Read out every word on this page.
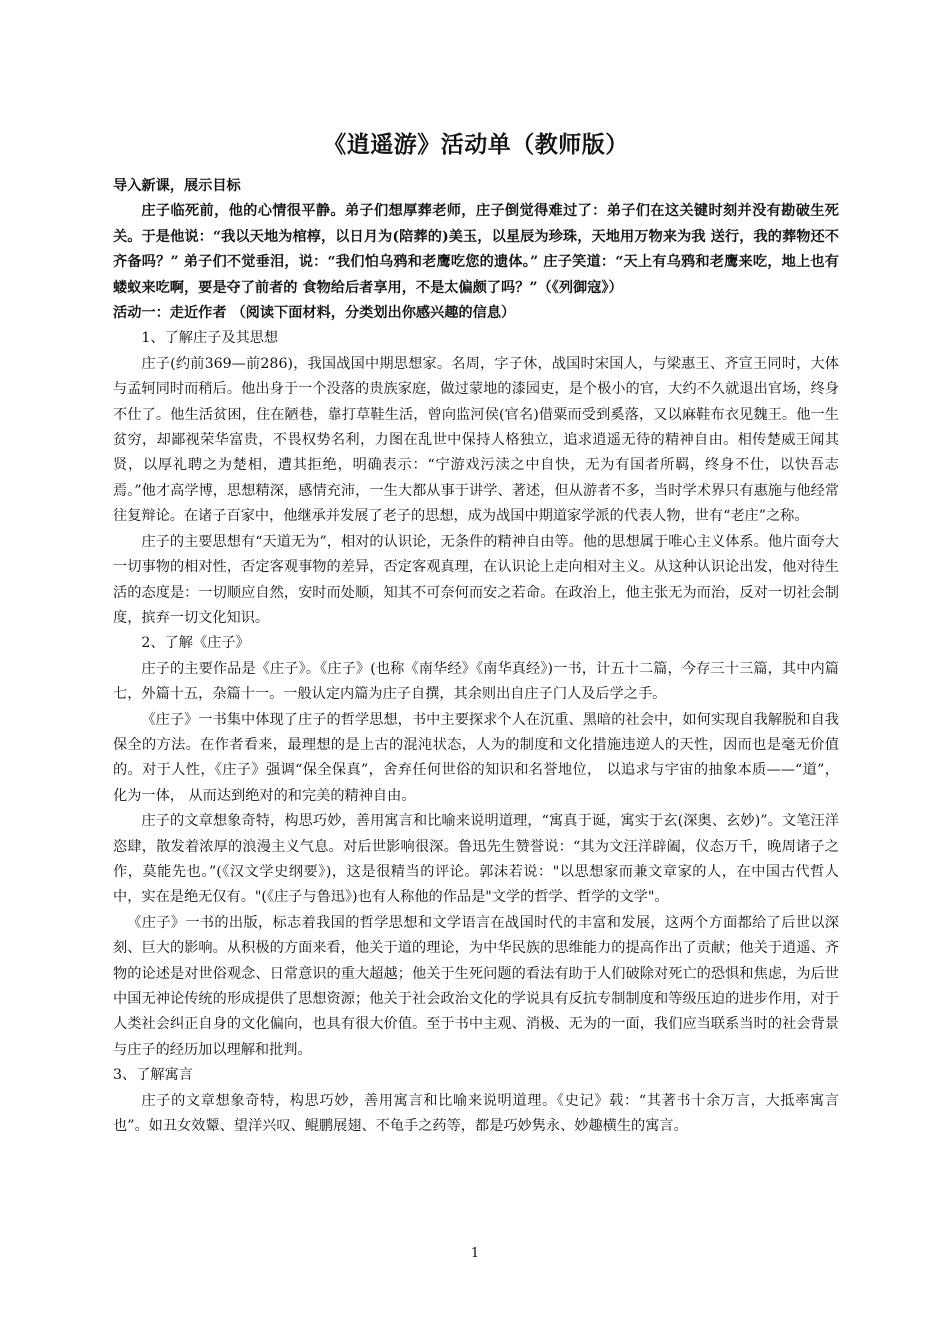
《逍遥游》活动单（教师版）

导入新课，展示目标

庄子临死前，他的心情很平静。弟子们想厚葬老师，庄子倒觉得难过了：弟子们在这关键时刻并没有勘破生死关。于是他说：“我以天地为棺椁，以日月为(陪葬的)美玉，以星辰为珍珠，天地用万物来为我 送行，我的葬物还不齐备吗？” 弟子们不觉垂泪，说：“我们怕乌鸦和老鹰吃您的遗体。” 庄子笑道：“天上有乌鸦和老鹰来吃，地上也有蝼蚁来吃啊，要是夺了前者的 食物给后者享用，不是太偏颇了吗？”（《列御寇》）

活动一：走近作者 （阅读下面材料，分类划出你感兴趣的信息）

1、了解庄子及其思想

庄子(约前369—前286)，我国战国中期思想家。名周，字子休，战国时宋国人，与梁惠王、齐宣王同时，大体与孟轲同时而稍后。他出身于一个没落的贵族家庭，做过蒙地的漆园吏，是个极小的官，大约不久就退出官场，终身不仕了。他生活贫困，住在陋巷，靠打草鞋生活，曾向监河侯(官名)借粟而受到奚落，又以麻鞋布衣见魏王。他一生贫穷，却鄙视荣华富贵，不畏权势名利，力图在乱世中保持人格独立，追求逍遥无待的精神自由。相传楚威王闻其贤，以厚礼聘之为楚相，遭其拒绝，明确表示：“宁游戏污渎之中自快，无为有国者所羁，终身不仕，以快吾志焉。”他才高学博，思想精深，感情充沛，一生大都从事于讲学、著述，但从游者不多，当时学术界只有惠施与他经常往复辩论。在诸子百家中，他继承并发展了老子的思想，成为战国中期道家学派的代表人物，世有“老庄”之称。

庄子的主要思想有“天道无为”，相对的认识论，无条件的精神自由等。他的思想属于唯心主义体系。他片面夸大一切事物的相对性，否定客观事物的差异，否定客观真理，在认识论上走向相对主义。从这种认识论出发，他对待生活的态度是：一切顺应自然，安时而处顺，知其不可奈何而安之若命。在政治上，他主张无为而治，反对一切社会制度，摈弃一切文化知识。

2、了解《庄子》

庄子的主要作品是《庄子》。《庄子》(也称《南华经》《南华真经》)一书，计五十二篇，今存三十三篇，其中内篇七，外篇十五，杂篇十一。一般认定内篇为庄子自撰，其余则出自庄子门人及后学之手。

《庄子》一书集中体现了庄子的哲学思想，书中主要探求个人在沉重、黑暗的社会中，如何实现自我解脱和自我保全的方法。在作者看来，最理想的是上古的混沌状态，人为的制度和文化措施违逆人的天性，因而也是毫无价值的。对于人性，《庄子》强调“保全保真”，舍弃任何世俗的知识和名誉地位， 以追求与宇宙的抽象本质——“道”， 化为一体， 从而达到绝对的和完美的精神自由。

庄子的文章想象奇特，构思巧妙，善用寓言和比喻来说明道理，“寓真于诞，寓实于玄(深奥、玄妙)”。文笔汪洋恣肆，散发着浓厚的浪漫主义气息。对后世影响很深。鲁迅先生赞誉说：“其为文汪洋辟阖，仪态万千，晚周诸子之作，莫能先也。”(《汉文学史纲要》)，这是很精当的评论。郭沫若说："以思想家而兼文章家的人，在中国古代哲人中，实在是绝无仅有。"(《庄子与鲁迅》)也有人称他的作品是"文学的哲学、哲学的文学"。

《庄子》一书的出版，标志着我国的哲学思想和文学语言在战国时代的丰富和发展，这两个方面都给了后世以深刻、巨大的影响。从积极的方面来看，他关于道的理论，为中华民族的思维能力的提高作出了贡献；他关于逍遥、齐物的论述是对世俗观念、日常意识的重大超越；他关于生死问题的看法有助于人们破除对死亡的恐惧和焦虑，为后世中国无神论传统的形成提供了思想资源；他关于社会政治文化的学说具有反抗专制制度和等级压迫的进步作用，对于人类社会纠正自身的文化偏向，也具有很大价值。至于书中主观、消极、无为的一面，我们应当联系当时的社会背景与庄子的经历加以理解和批判。

3、了解寓言

庄子的文章想象奇特，构思巧妙，善用寓言和比喻来说明道理。《史记》载：“其著书十余万言，大抵率寓言也”。如丑女效颦、望洋兴叹、鲲鹏展翅、不龟手之药等，都是巧妙隽永、妙趣横生的寓言。

1
